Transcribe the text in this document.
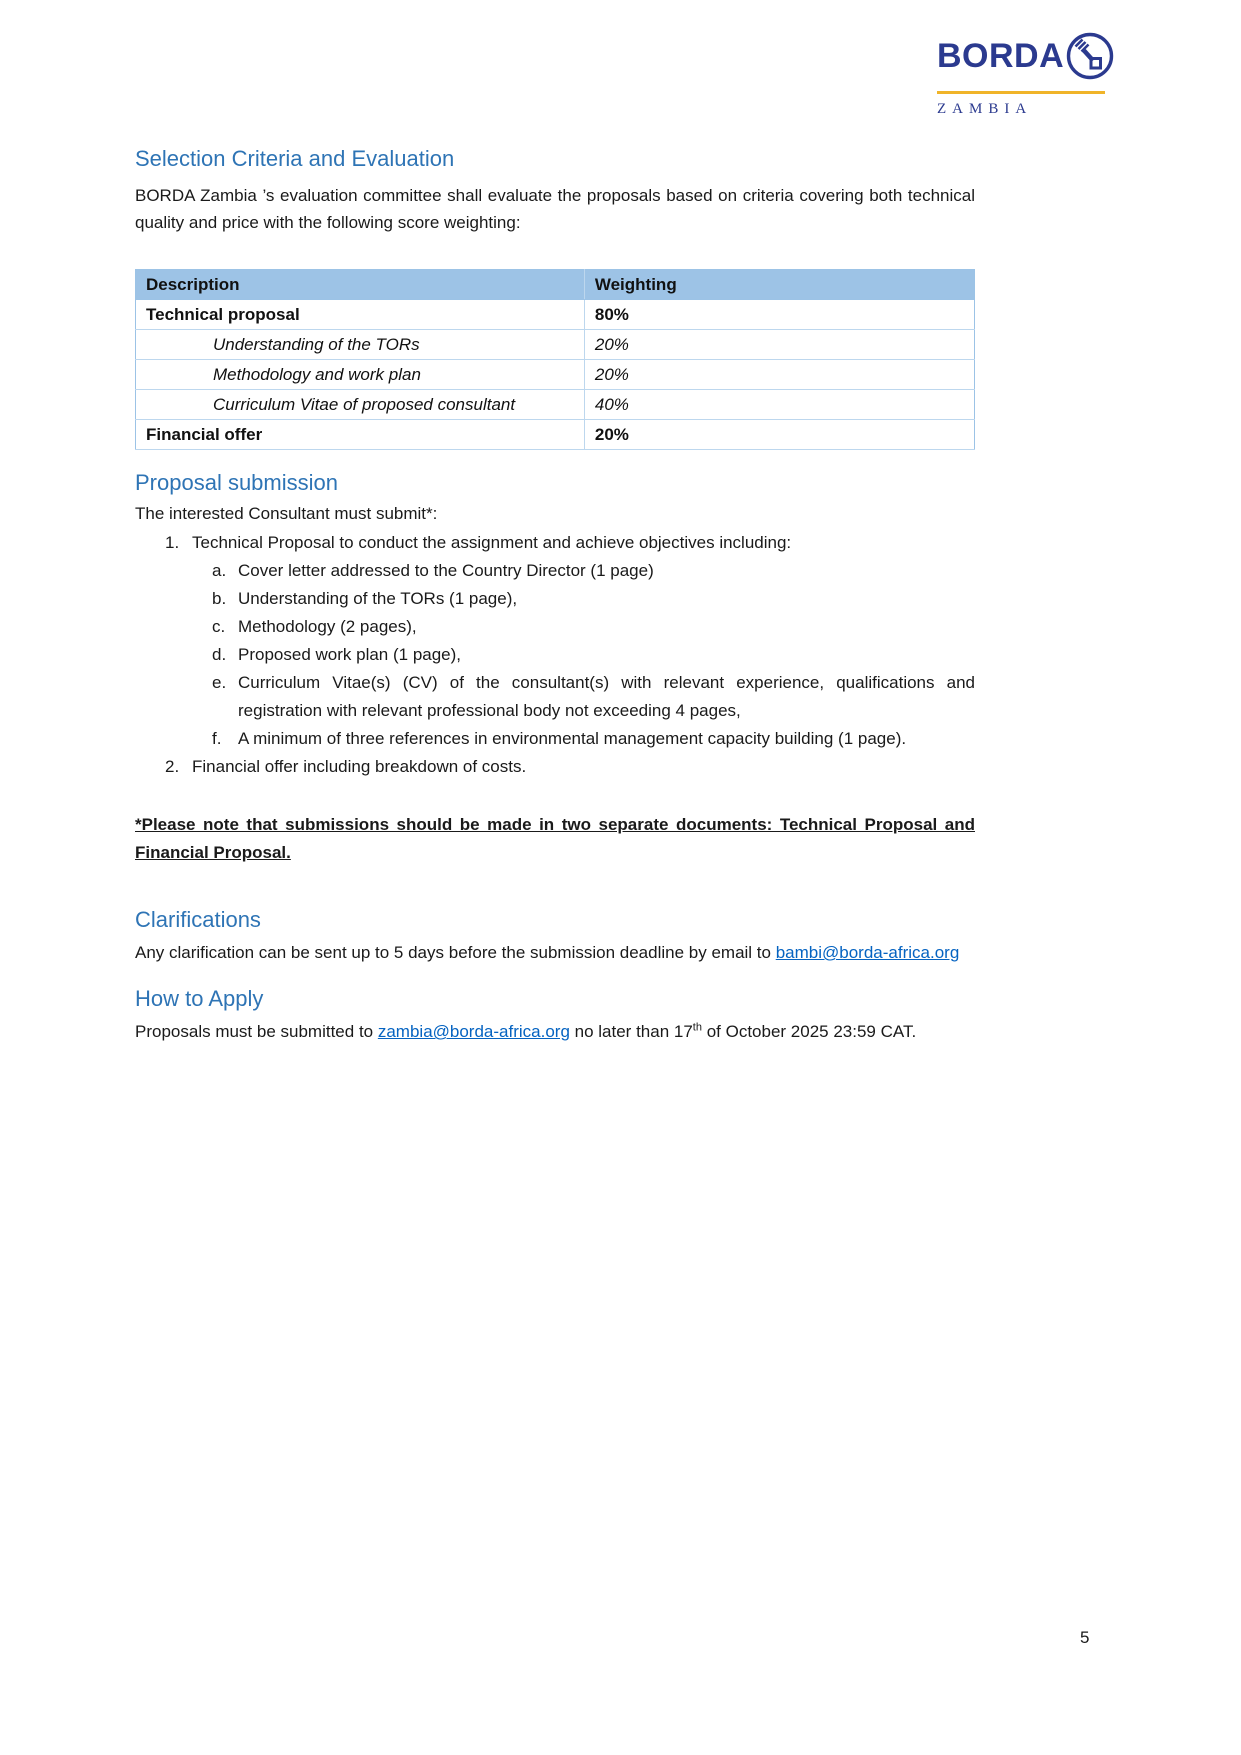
BORDA
ZAMBIA
Selection Criteria and Evaluation

BORDA Zambia ’s evaluation committee shall evaluate the proposals based on criteria covering both technical quality and price with the following score weighting:

Description	Weighting
Technical proposal	80%
Understanding of the TORs	20%
Methodology and work plan	20%
Curriculum Vitae of proposed consultant	40%
Financial offer	20%
Proposal submission

The interested Consultant must submit*:

1. Technical Proposal to conduct the assignment and achieve objectives including:
a. Cover letter addressed to the Country Director (1 page)
b. Understanding of the TORs (1 page),
c. Methodology (2 pages),
d. Proposed work plan (1 page),
e. Curriculum Vitae(s) (CV) of the consultant(s) with relevant experience, qualifications and registration with relevant professional body not exceeding 4 pages,
f. A minimum of three references in environmental management capacity building (1 page).
2. Financial offer including breakdown of costs.

*Please note that submissions should be made in two separate documents: Technical Proposal and Financial Proposal.

Clarifications

Any clarification can be sent up to 5 days before the submission deadline by email to bambi@borda-africa.org

How to Apply

Proposals must be submitted to zambia@borda-africa.org no later than 17th of October 2025 23:59 CAT.

5
